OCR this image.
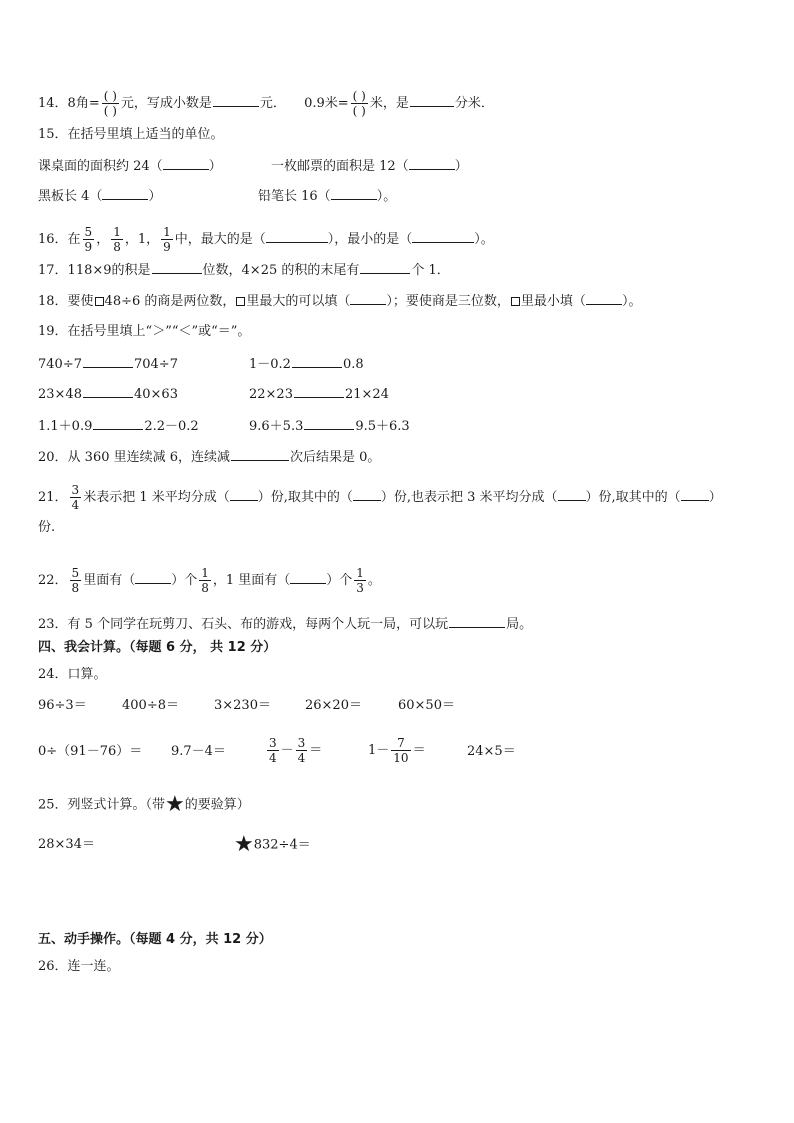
14．8角= $\frac{( )}{( )}$ 元，写成小数是	元． 0.9米= $\frac{( )}{( )}$ 米，是	分米．
15．在括号里填上适当的单位。
课桌面的面积约 24（	）	一枚邮票的面积是 12（	）
黑板长 4（	）	铅笔长 16（	）。
16．在 $\frac{5}{9}$ ， $\frac{1}{8}$ ，1， $\frac{1}{9}$ 中，最大的是（	），最小的是（	）。
17．118×9的积是	位数，4×25 的积的末尾有	个 1．
18．要使 48÷6 的商是两位数， 里最大的可以填（	）；要使商是三位数， 里最小填（	）。
19．在括号里填上“＞”“＜”或“＝”。
740÷7	704÷7	1－0.2	0.8
23×48	40×63	22×23	21×24
1.1＋0.9	2.2－0.2	9.6＋5.3	9.5＋6.3
20．从 360 里连续减 6，连续减	次后结果是 0。
21． $\frac{3}{4}$ 米表示把 1 米平均分成（ ）份,取其中的（ ）份,也表示把 3 米平均分成（ ）份,取其中的（ ）
份.
22． $\frac{5}{8}$ 里面有（	）个 $\frac{1}{8}$ ，1 里面有（	）个 $\frac{1}{3}$ 。
23．有 5 个同学在玩剪刀、石头、布的游戏，每两个人玩一局，可以玩	局。
四、我会计算。（每题 6 分， 共 12 分）
24．口算。
96÷3＝	400÷8＝	3×230＝	26×20＝	60×50＝
0÷（91－76）＝ 9.7－4＝	$\frac{3}{4} - \frac{3}{4}$ ＝	$1- \frac{7}{10}$ ＝	24×5＝
25．列竖式计算。（带★的要验算）
28×34＝	★832÷4＝
五、动手操作。（每题 4 分，共 12 分）
26．连一连。
